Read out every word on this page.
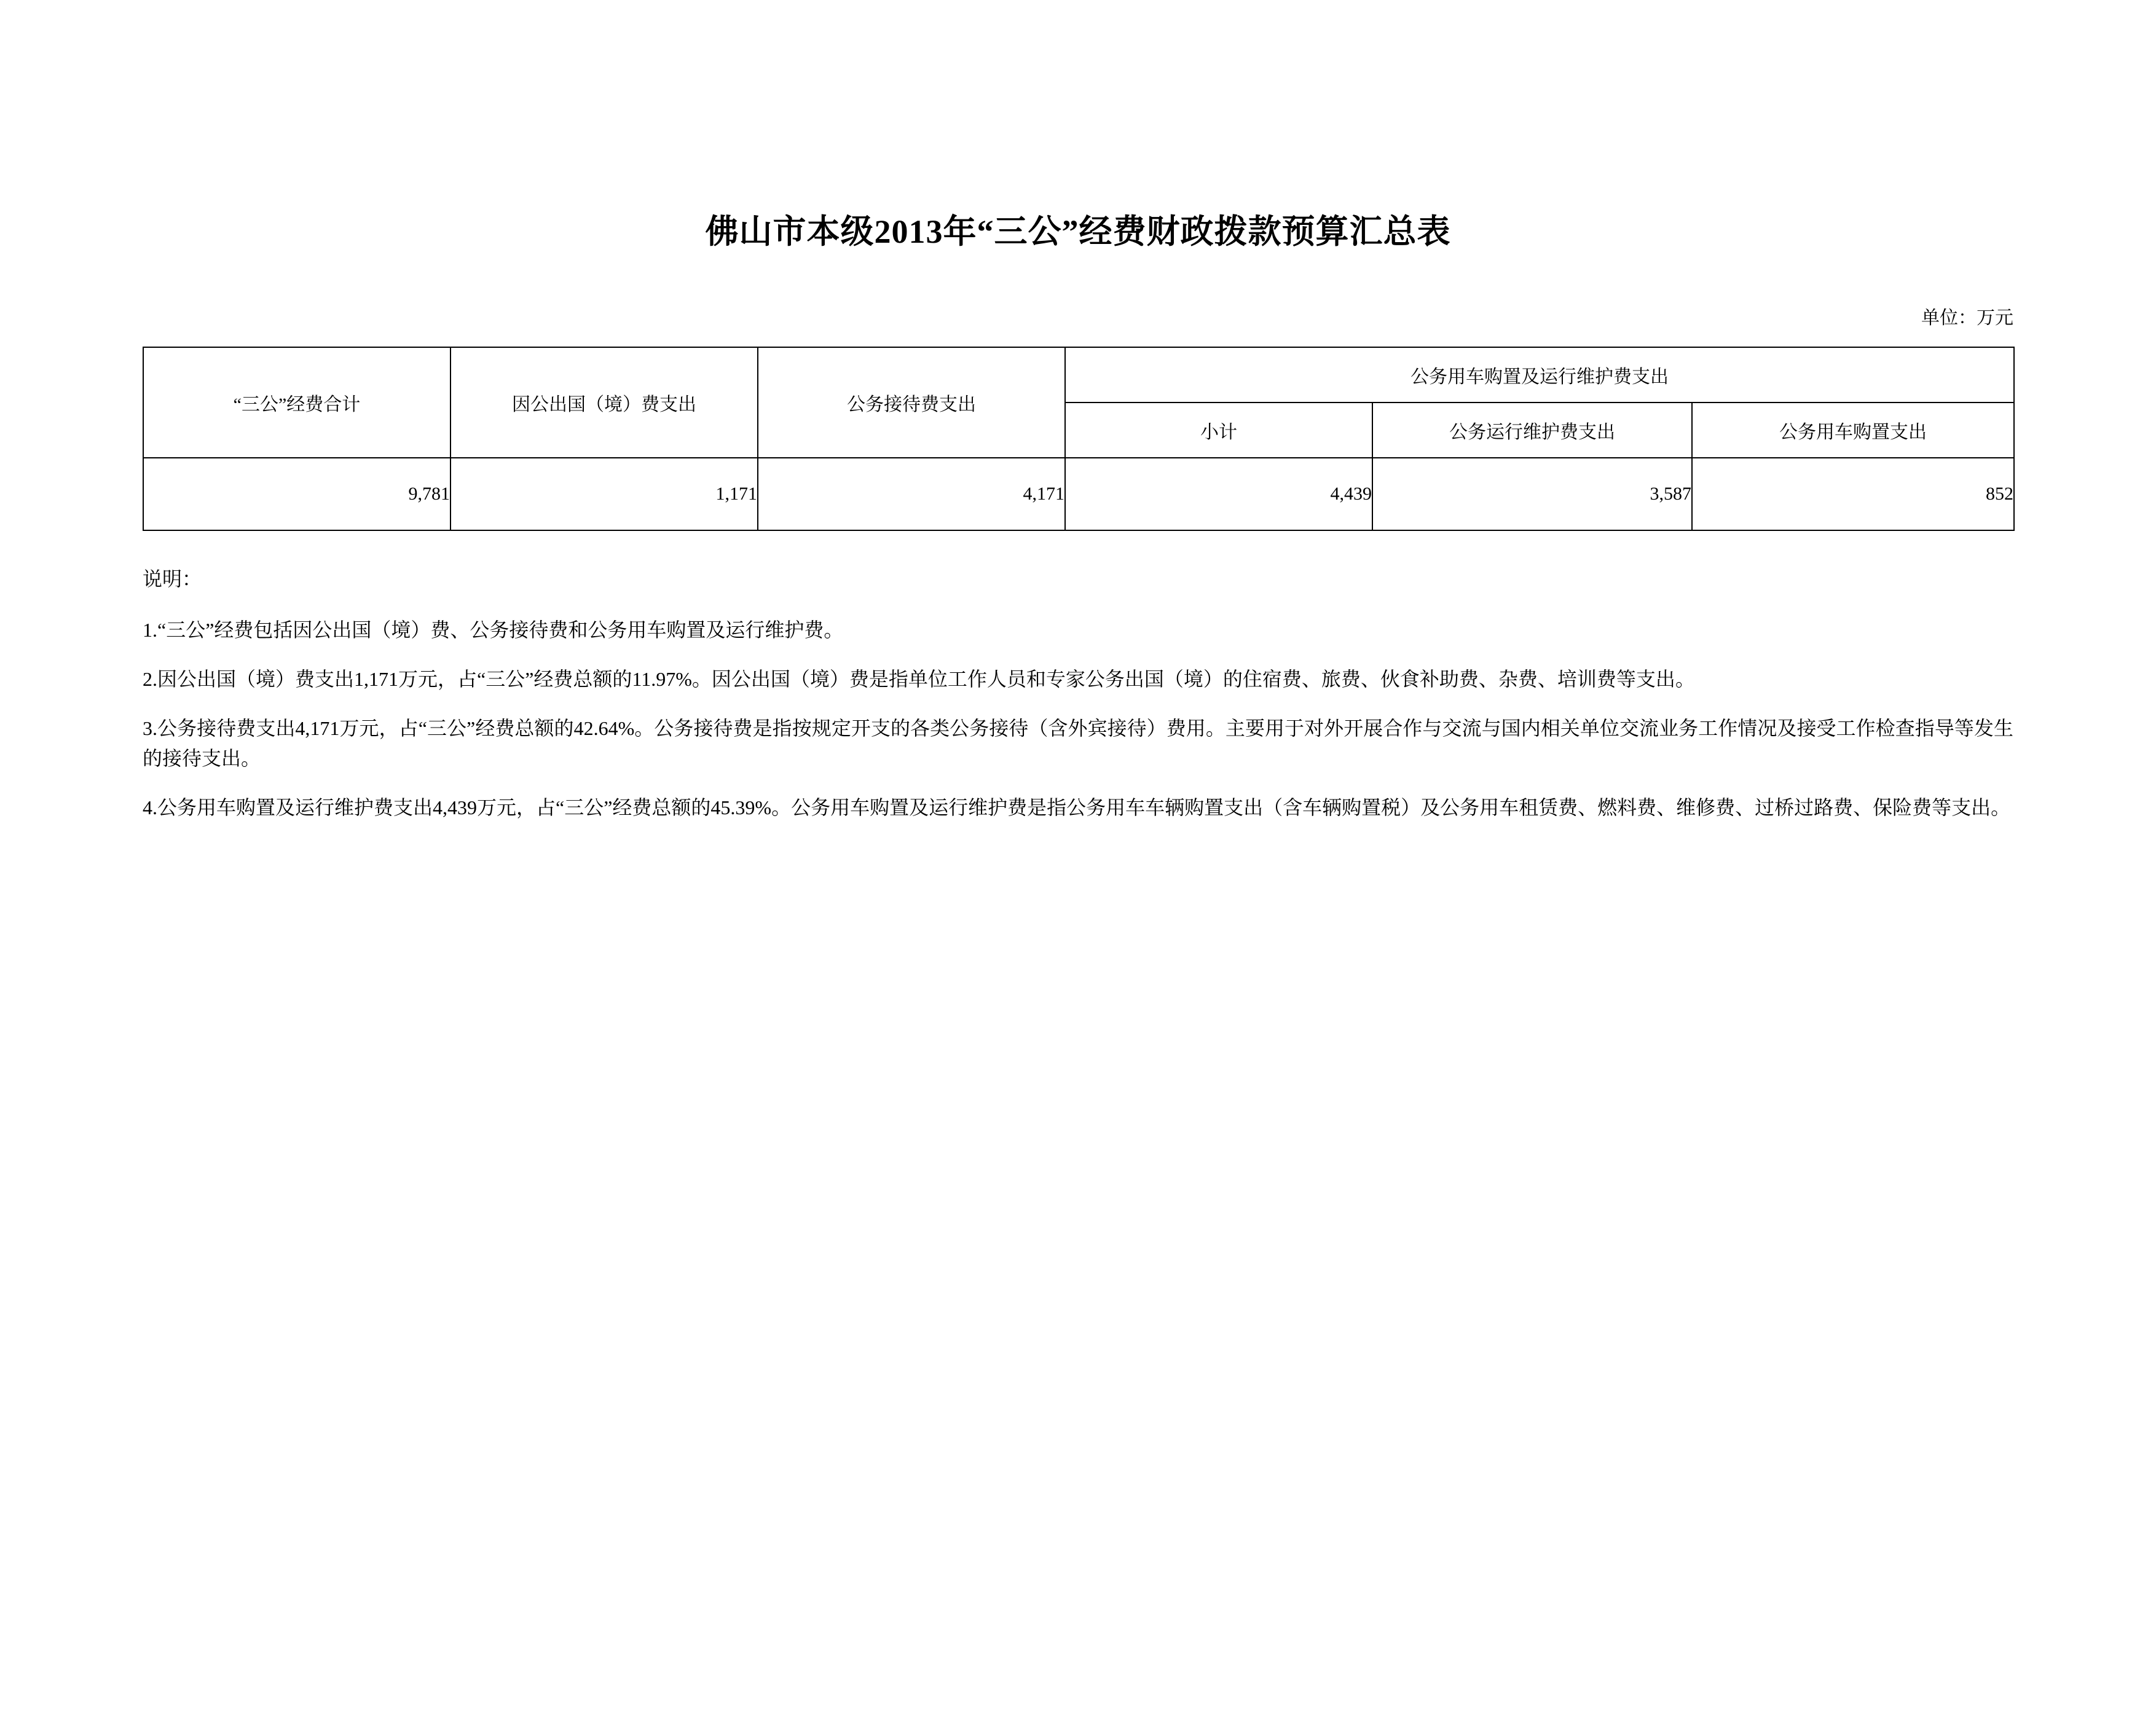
佛山市本级2013年“三公”经费财政拨款预算汇总表
单位：万元
“三公”经费合计	因公出国（境）费支出	公务接待费支出	公务用车购置及运行维护费支出		
			小计	公务运行维护费支出	公务用车购置支出
9,781	1,171	4,171	4,439	3,587	852
说明：
1.“三公”经费包括因公出国（境）费、公务接待费和公务用车购置及运行维护费。
2.因公出国（境）费支出1,171万元，占“三公”经费总额的11.97%。因公出国（境）费是指单位工作人员和专家公务出国（境）的住宿费、旅费、伙食补助费、杂费、培训费等支出。
3.公务接待费支出4,171万元，占“三公”经费总额的42.64%。公务接待费是指按规定开支的各类公务接待（含外宾接待）费用。主要用于对外开展合作与交流与国内相关单位交流业务工作情况及接受工作检查指导等发生的接待支出。
4.公务用车购置及运行维护费支出4,439万元，占“三公”经费总额的45.39%。公务用车购置及运行维护费是指公务用车车辆购置支出（含车辆购置税）及公务用车租赁费、燃料费、维修费、过桥过路费、保险费等支出。
